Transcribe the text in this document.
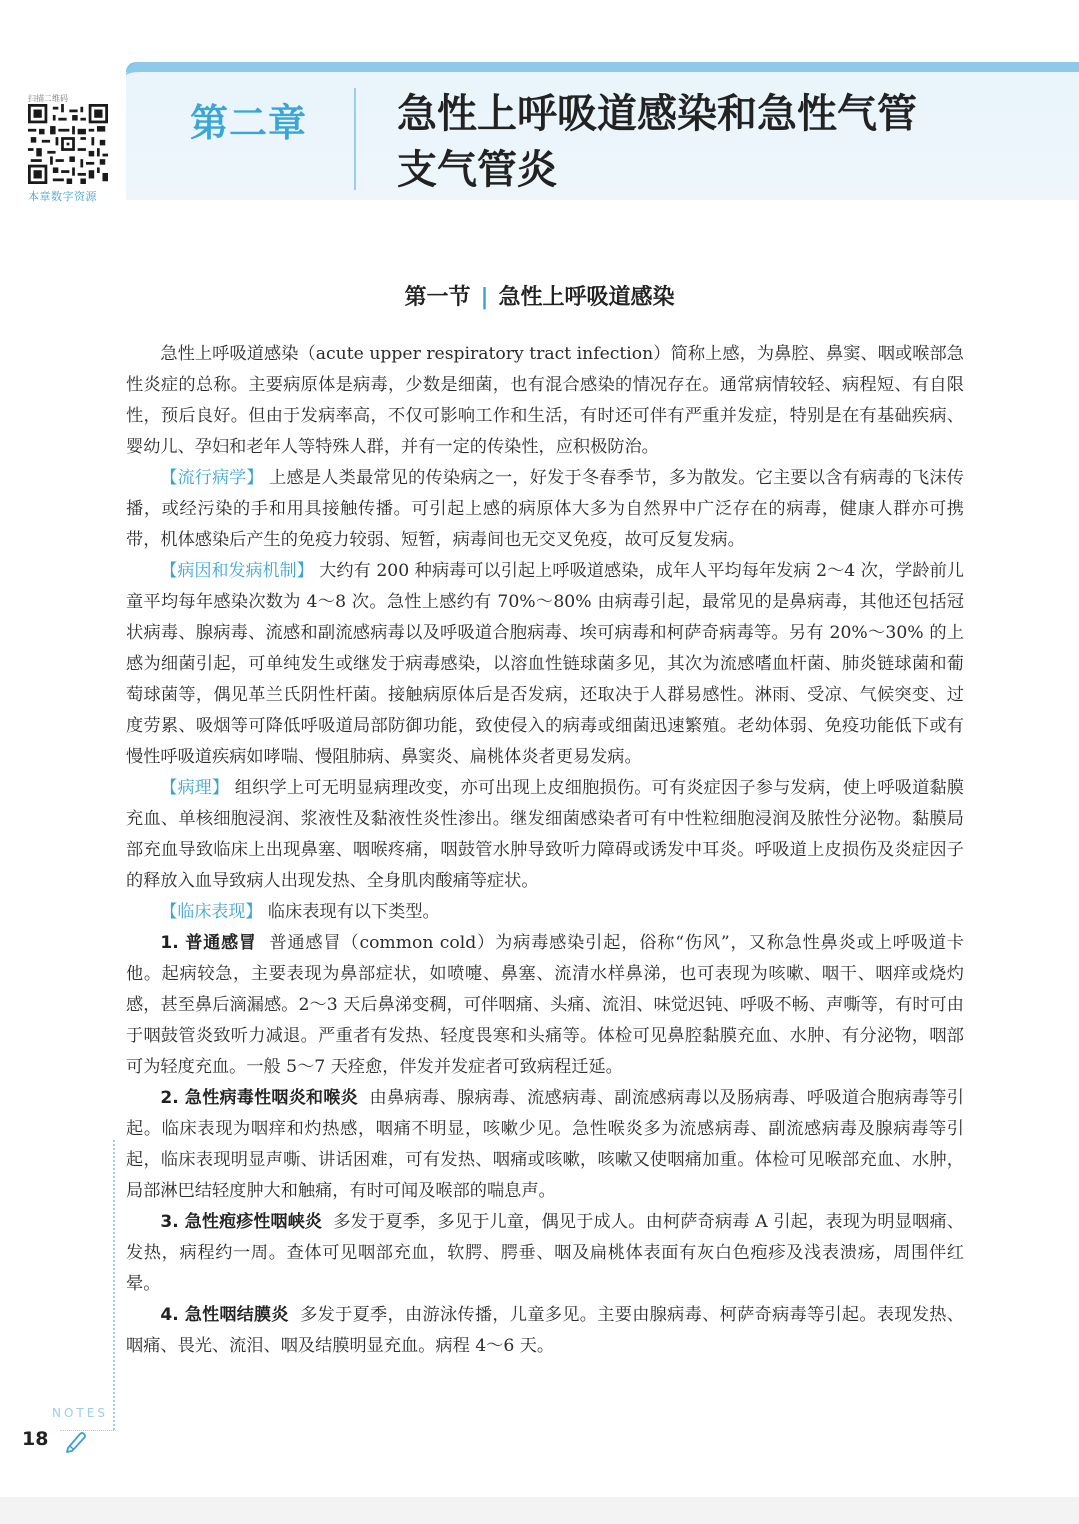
扫描二维码
本章数字资源
第二章 急性上呼吸道感染和急性气管
支气管炎
第一节 | 急性上呼吸道感染

急性上呼吸道感染（acute upper respiratory tract infection）简称上感，为鼻腔、鼻窦、咽或喉部急性炎症的总称。主要病原体是病毒，少数是细菌，也有混合感染的情况存在。通常病情较轻、病程短、有自限性，预后良好。但由于发病率高，不仅可影响工作和生活，有时还可伴有严重并发症，特别是在有基础疾病、婴幼儿、孕妇和老年人等特殊人群，并有一定的传染性，应积极防治。

【流行病学】 上感是人类最常见的传染病之一，好发于冬春季节，多为散发。它主要以含有病毒的飞沫传播，或经污染的手和用具接触传播。可引起上感的病原体大多为自然界中广泛存在的病毒，健康人群亦可携带，机体感染后产生的免疫力较弱、短暂，病毒间也无交叉免疫，故可反复发病。

【病因和发病机制】 大约有 200 种病毒可以引起上呼吸道感染，成年人平均每年发病 2～4 次，学龄前儿童平均每年感染次数为 4～8 次。急性上感约有 70%～80% 由病毒引起，最常见的是鼻病毒，其他还包括冠状病毒、腺病毒、流感和副流感病毒以及呼吸道合胞病毒、埃可病毒和柯萨奇病毒等。另有 20%～30% 的上感为细菌引起，可单纯发生或继发于病毒感染，以溶血性链球菌多见，其次为流感嗜血杆菌、肺炎链球菌和葡萄球菌等，偶见革兰氏阴性杆菌。接触病原体后是否发病，还取决于人群易感性。淋雨、受凉、气候突变、过度劳累、吸烟等可降低呼吸道局部防御功能，致使侵入的病毒或细菌迅速繁殖。老幼体弱、免疫功能低下或有慢性呼吸道疾病如哮喘、慢阻肺病、鼻窦炎、扁桃体炎者更易发病。

【病理】 组织学上可无明显病理改变，亦可出现上皮细胞损伤。可有炎症因子参与发病，使上呼吸道黏膜充血、单核细胞浸润、浆液性及黏液性炎性渗出。继发细菌感染者可有中性粒细胞浸润及脓性分泌物。黏膜局部充血导致临床上出现鼻塞、咽喉疼痛，咽鼓管水肿导致听力障碍或诱发中耳炎。呼吸道上皮损伤及炎症因子的释放入血导致病人出现发热、全身肌肉酸痛等症状。

【临床表现】 临床表现有以下类型。

1. 普通感冒 普通感冒（common cold）为病毒感染引起，俗称“伤风”，又称急性鼻炎或上呼吸道卡他。起病较急，主要表现为鼻部症状，如喷嚏、鼻塞、流清水样鼻涕，也可表现为咳嗽、咽干、咽痒或烧灼感，甚至鼻后滴漏感。2～3 天后鼻涕变稠，可伴咽痛、头痛、流泪、味觉迟钝、呼吸不畅、声嘶等，有时可由于咽鼓管炎致听力减退。严重者有发热、轻度畏寒和头痛等。体检可见鼻腔黏膜充血、水肿、有分泌物，咽部可为轻度充血。一般 5～7 天痊愈，伴发并发症者可致病程迁延。

2. 急性病毒性咽炎和喉炎 由鼻病毒、腺病毒、流感病毒、副流感病毒以及肠病毒、呼吸道合胞病毒等引起。临床表现为咽痒和灼热感，咽痛不明显，咳嗽少见。急性喉炎多为流感病毒、副流感病毒及腺病毒等引起，临床表现明显声嘶、讲话困难，可有发热、咽痛或咳嗽，咳嗽又使咽痛加重。体检可见喉部充血、水肿，局部淋巴结轻度肿大和触痛，有时可闻及喉部的喘息声。

3. 急性疱疹性咽峡炎 多发于夏季，多见于儿童，偶见于成人。由柯萨奇病毒 A 引起，表现为明显咽痛、发热，病程约一周。查体可见咽部充血，软腭、腭垂、咽及扁桃体表面有灰白色疱疹及浅表溃疡，周围伴红晕。

4. 急性咽结膜炎 多发于夏季，由游泳传播，儿童多见。主要由腺病毒、柯萨奇病毒等引起。表现发热、咽痛、畏光、流泪、咽及结膜明显充血。病程 4～6 天。

NOTES
18
